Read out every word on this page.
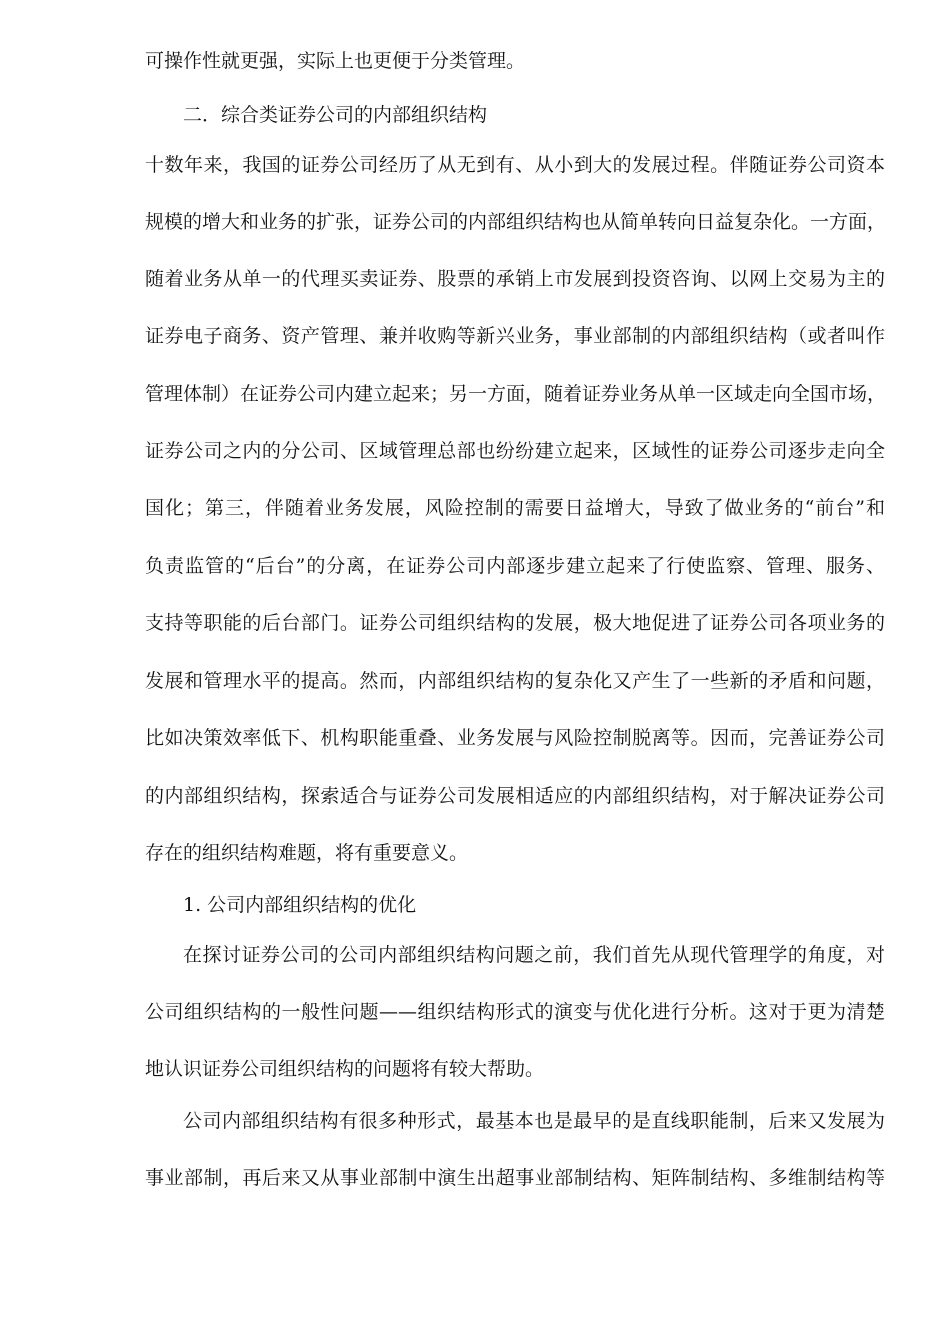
可操作性就更强，实际上也更便于分类管理。
二．综合类证券公司的内部组织结构
十数年来，我国的证券公司经历了从无到有、从小到大的发展过程。伴随证券公司资本
规模的增大和业务的扩张，证券公司的内部组织结构也从简单转向日益复杂化。一方面，
随着业务从单一的代理买卖证券、股票的承销上市发展到投资咨询、以网上交易为主的
证券电子商务、资产管理、兼并收购等新兴业务，事业部制的内部组织结构（或者叫作
管理体制）在证券公司内建立起来；另一方面，随着证券业务从单一区域走向全国市场，
证券公司之内的分公司、区域管理总部也纷纷建立起来，区域性的证券公司逐步走向全
国化；第三，伴随着业务发展，风险控制的需要日益增大，导致了做业务的“前台”和
负责监管的“后台”的分离，在证券公司内部逐步建立起来了行使监察、管理、服务、
支持等职能的后台部门。证券公司组织结构的发展，极大地促进了证券公司各项业务的
发展和管理水平的提高。然而，内部组织结构的复杂化又产生了一些新的矛盾和问题，
比如决策效率低下、机构职能重叠、业务发展与风险控制脱离等。因而，完善证券公司
的内部组织结构，探索适合与证券公司发展相适应的内部组织结构，对于解决证券公司
存在的组织结构难题，将有重要意义。
1. 公司内部组织结构的优化
在探讨证券公司的公司内部组织结构问题之前，我们首先从现代管理学的角度，对
公司组织结构的一般性问题——组织结构形式的演变与优化进行分析。这对于更为清楚
地认识证券公司组织结构的问题将有较大帮助。
公司内部组织结构有很多种形式，最基本也是最早的是直线职能制，后来又发展为
事业部制，再后来又从事业部制中演生出超事业部制结构、矩阵制结构、多维制结构等
